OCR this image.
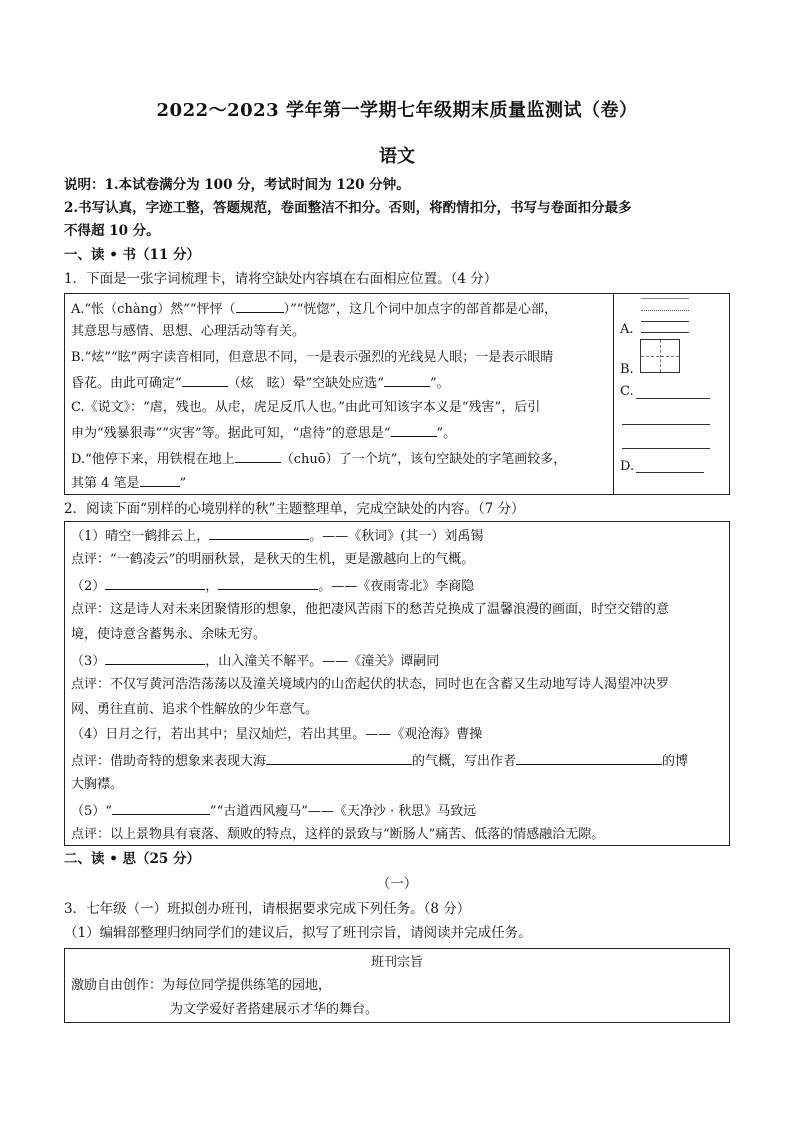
2022～2023 学年第一学期七年级期末质量监测试（卷）
语文
说明：1.本试卷满分为 100 分，考试时间为 120 分钟。
2.书写认真，字迹工整，答题规范，卷面整洁不扣分。否则，将酌情扣分，书写与卷面扣分最多
不得超 10 分。
一、读 • 书（11 分）
1．下面是一张字词梳理卡，请将空缺处内容填在右面相应位置。（4 分）
A.“怅（chàng）然”“怦怦（	）”“恍惚”，这几个词中加点字的部首都是心部，
其意思与感情、思想、心理活动等有关。
B.“炫”“眩”两字读音相同，但意思不同，一是表示强烈的光线晃人眼；一是表示眼睛
昏花。由此可确定“	（炫　眩）晕”空缺处应选“	”。
C.《说文》：“虐，残也。从虍，虎足反爪人也。”由此可知该字本义是“残害”，后引
申为“残暴狠毒”“灾害”等。据此可知，“虐待”的意思是“	”。
D.“他停下来，用铁棍在地上	（chuō）了一个坑”，该句空缺处的字笔画较多，
其第 4 笔是	”
A.
B.
C.
D.
2．阅读下面“别样的心境别样的秋”主题整理单，完成空缺处的内容。（7 分）
（1）晴空一鹤排云上，	。——《秋词》(其一）刘禹锡
点评：“一鹤凌云”的明丽秋景，是秋天的生机，更是激越向上的气概。
（2）	，	。——《夜雨寄北》李商隐
点评：这是诗人对未来团聚情形的想象，他把凄风苦雨下的愁苦兑换成了温馨浪漫的画面，时空交错的意
境，使诗意含蓄隽永、余味无穷。
（3）	，山入潼关不解平。——《潼关》谭嗣同
点评：不仅写黄河浩浩荡荡以及潼关境域内的山峦起伏的状态，同时也在含蓄又生动地写诗人渴望冲决罗
网、勇往直前、追求个性解放的少年意气。
（4）日月之行，若出其中；星汉灿烂，若出其里。——《观沧海》曹操
点评：借助奇特的想象来表现大海	的气概，写出作者	的博
大胸襟。
（5）“	”“古道西风瘦马”——《天净沙 · 秋思》马致远
点评：以上景物具有衰落、颓败的特点，这样的景致与“断肠人”痛苦、低落的情感融洽无隙。
二、读 • 思（25 分）
（一）
3．七年级（一）班拟创办班刊，请根据要求完成下列任务。（8 分）
（1）编辑部整理归纳同学们的建议后，拟写了班刊宗旨，请阅读并完成任务。
班刊宗旨
激励自由创作：为每位同学提供练笔的园地，
为文学爱好者搭建展示才华的舞台。
